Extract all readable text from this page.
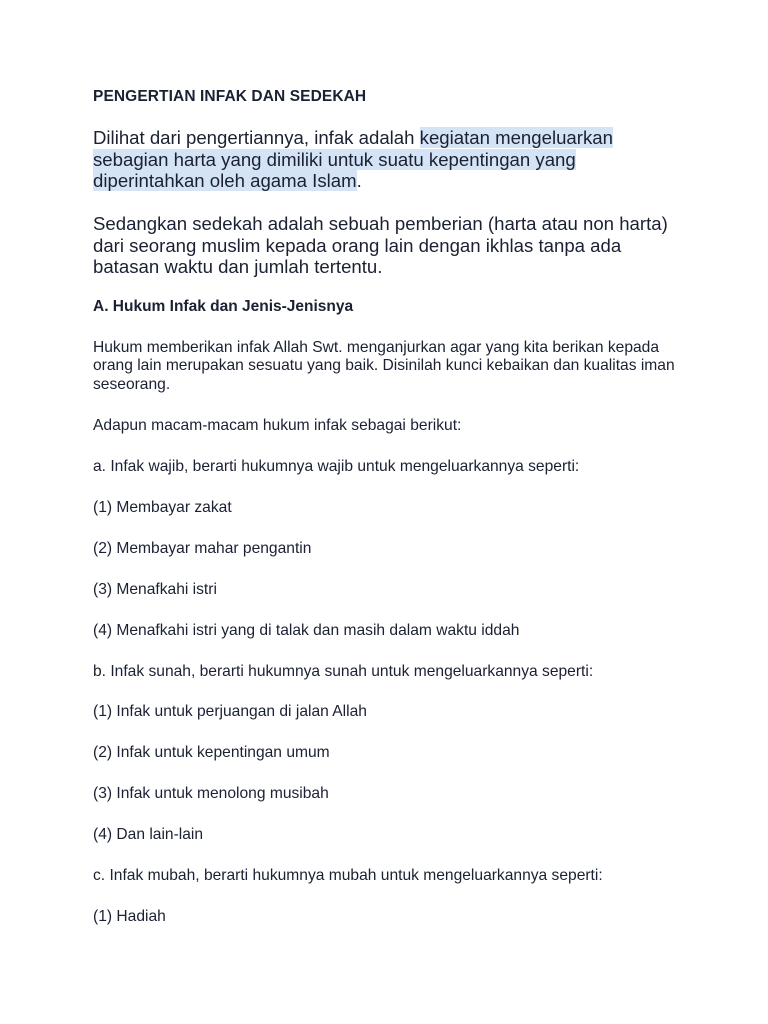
PENGERTIAN INFAK DAN SEDEKAH
Dilihat dari pengertiannya, infak adalah kegiatan mengeluarkan sebagian harta yang dimiliki untuk suatu kepentingan yang diperintahkan oleh agama Islam.
Sedangkan sedekah adalah sebuah pemberian (harta atau non harta) dari seorang muslim kepada orang lain dengan ikhlas tanpa ada batasan waktu dan jumlah tertentu.
A. Hukum Infak dan Jenis-Jenisnya
Hukum memberikan infak Allah Swt. menganjurkan agar yang kita berikan kepada orang lain merupakan sesuatu yang baik. Disinilah kunci kebaikan dan kualitas iman seseorang.
Adapun macam-macam hukum infak sebagai berikut:
a. Infak wajib, berarti hukumnya wajib untuk mengeluarkannya seperti:
(1) Membayar zakat
(2) Membayar mahar pengantin
(3) Menafkahi istri
(4) Menafkahi istri yang di talak dan masih dalam waktu iddah
b. Infak sunah, berarti hukumnya sunah untuk mengeluarkannya seperti:
(1) Infak untuk perjuangan di jalan Allah
(2) Infak untuk kepentingan umum
(3) Infak untuk menolong musibah
(4) Dan lain-lain
c. Infak mubah, berarti hukumnya mubah untuk mengeluarkannya seperti:
(1) Hadiah
